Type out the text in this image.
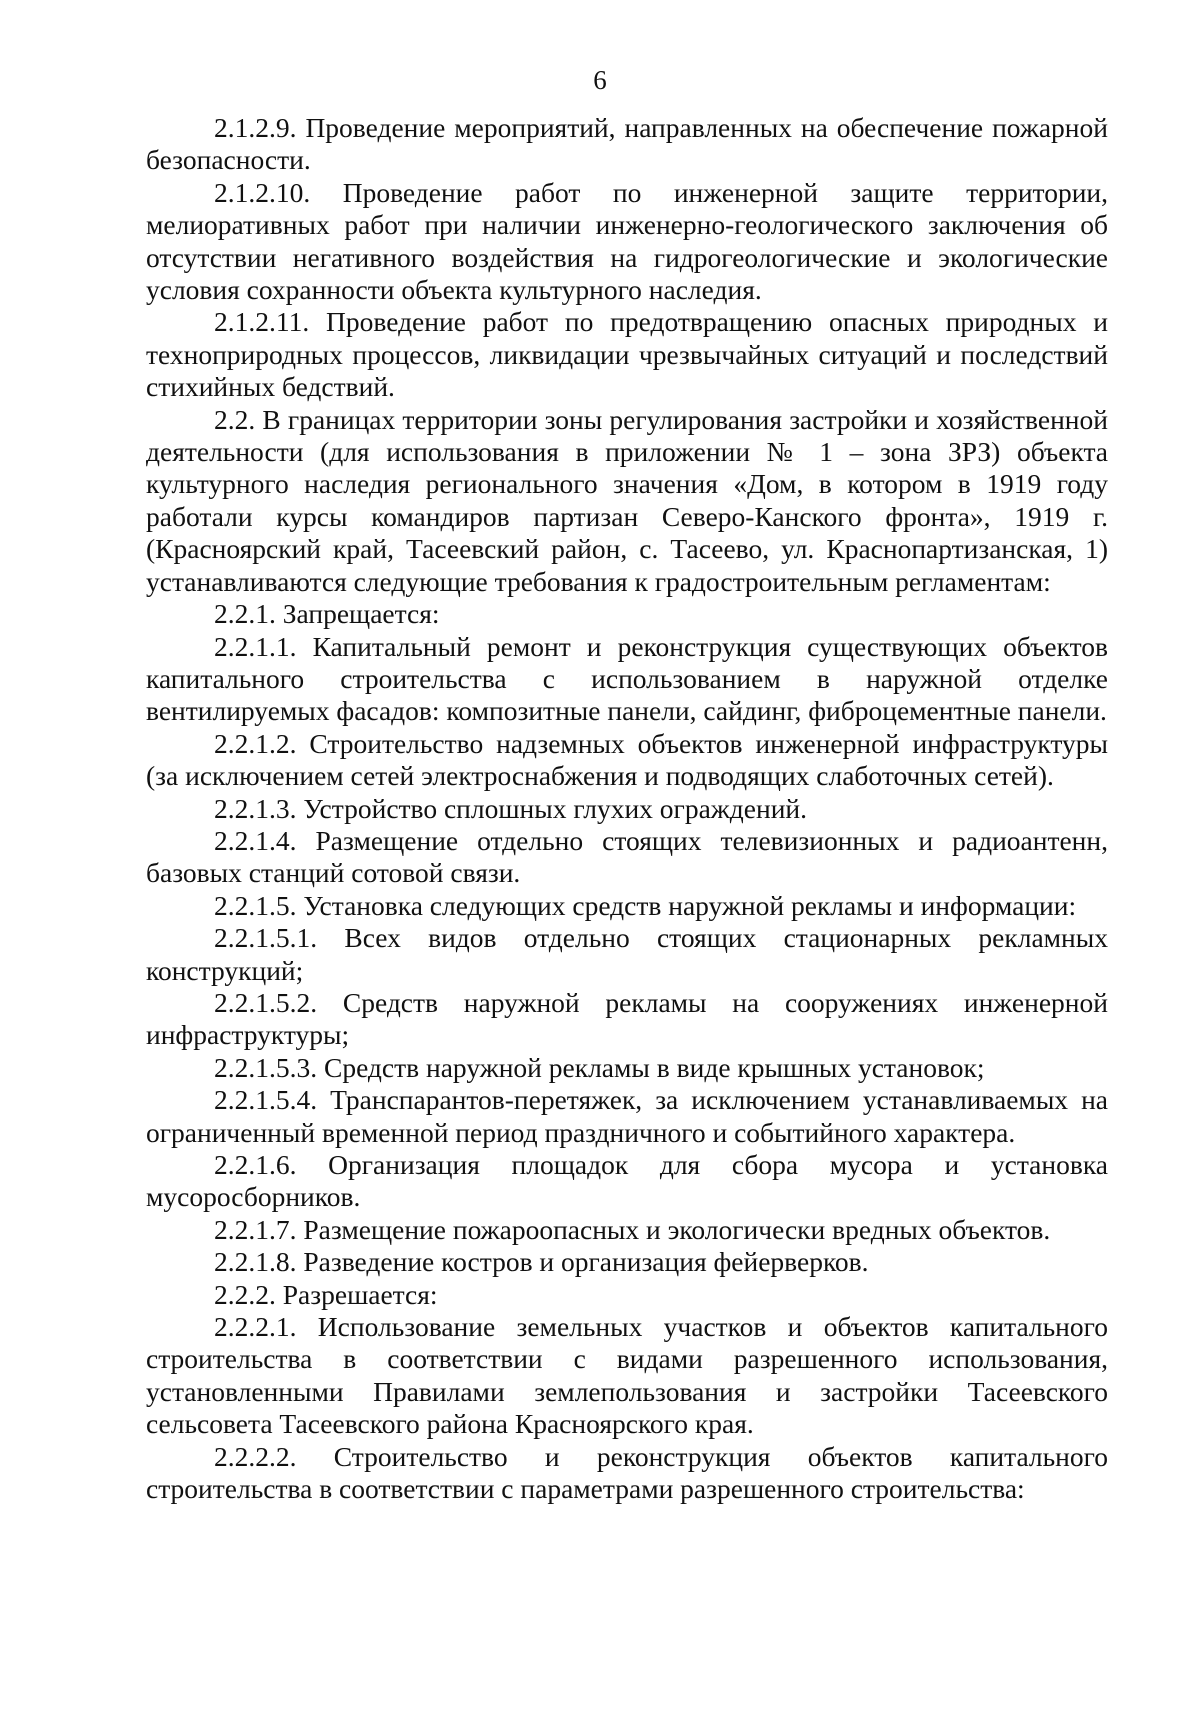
6

2.1.2.9. Проведение мероприятий, направленных на обеспечение пожарной безопасности.

2.1.2.10. Проведение работ по инженерной защите территории, мелиоративных работ при наличии инженерно-геологического заключения об отсутствии негативного воздействия на гидрогеологические и экологические условия сохранности объекта культурного наследия.

2.1.2.11. Проведение работ по предотвращению опасных природных и техноприродных процессов, ликвидации чрезвычайных ситуаций и последствий стихийных бедствий.

2.2. В границах территории зоны регулирования застройки и хозяйственной деятельности (для использования в приложении № 1 – зона ЗРЗ) объекта культурного наследия регионального значения «Дом, в котором в 1919 году работали курсы командиров партизан Северо-Канского фронта», 1919 г. (Красноярский край, Тасеевский район, с. Тасеево, ул. Краснопартизанская, 1) устанавливаются следующие требования к градостроительным регламентам:

2.2.1. Запрещается:

2.2.1.1. Капитальный ремонт и реконструкция существующих объектов капитального строительства с использованием в наружной отделке вентилируемых фасадов: композитные панели, сайдинг, фиброцементные панели.

2.2.1.2. Строительство надземных объектов инженерной инфраструктуры (за исключением сетей электроснабжения и подводящих слаботочных сетей).

2.2.1.3. Устройство сплошных глухих ограждений.

2.2.1.4. Размещение отдельно стоящих телевизионных и радиоантенн, базовых станций сотовой связи.

2.2.1.5. Установка следующих средств наружной рекламы и информации:

2.2.1.5.1. Всех видов отдельно стоящих стационарных рекламных конструкций;

2.2.1.5.2. Средств наружной рекламы на сооружениях инженерной инфраструктуры;

2.2.1.5.3. Средств наружной рекламы в виде крышных установок;

2.2.1.5.4. Транспарантов-перетяжек, за исключением устанавливаемых на ограниченный временной период праздничного и событийного характера.

2.2.1.6. Организация площадок для сбора мусора и установка мусоросборников.

2.2.1.7. Размещение пожароопасных и экологически вредных объектов.

2.2.1.8. Разведение костров и организация фейерверков.

2.2.2. Разрешается:

2.2.2.1. Использование земельных участков и объектов капитального строительства в соответствии с видами разрешенного использования, установленными Правилами землепользования и застройки Тасеевского сельсовета Тасеевского района Красноярского края.

2.2.2.2. Строительство и реконструкция объектов капитального строительства в соответствии с параметрами разрешенного строительства:
